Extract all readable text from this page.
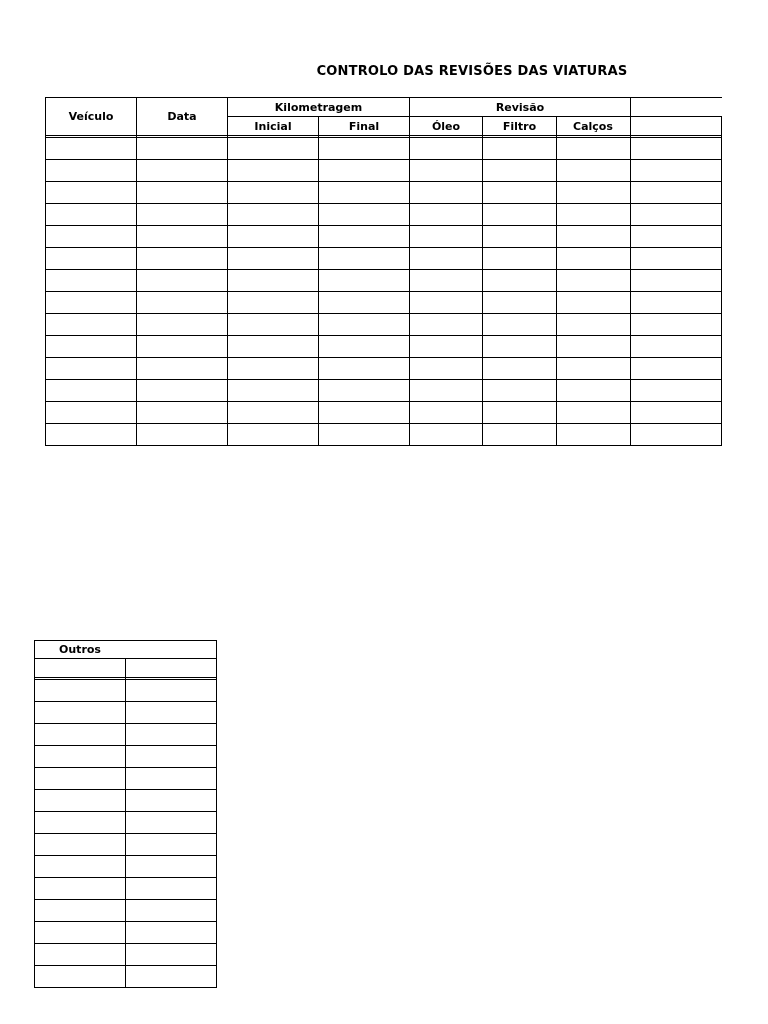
CONTROLO DAS REVISÕES DAS VIATURAS
Veículo	Data	Kilometragem		Revisão			
		Inicial	Final	Óleo	Filtro	Calços	

Outros	
